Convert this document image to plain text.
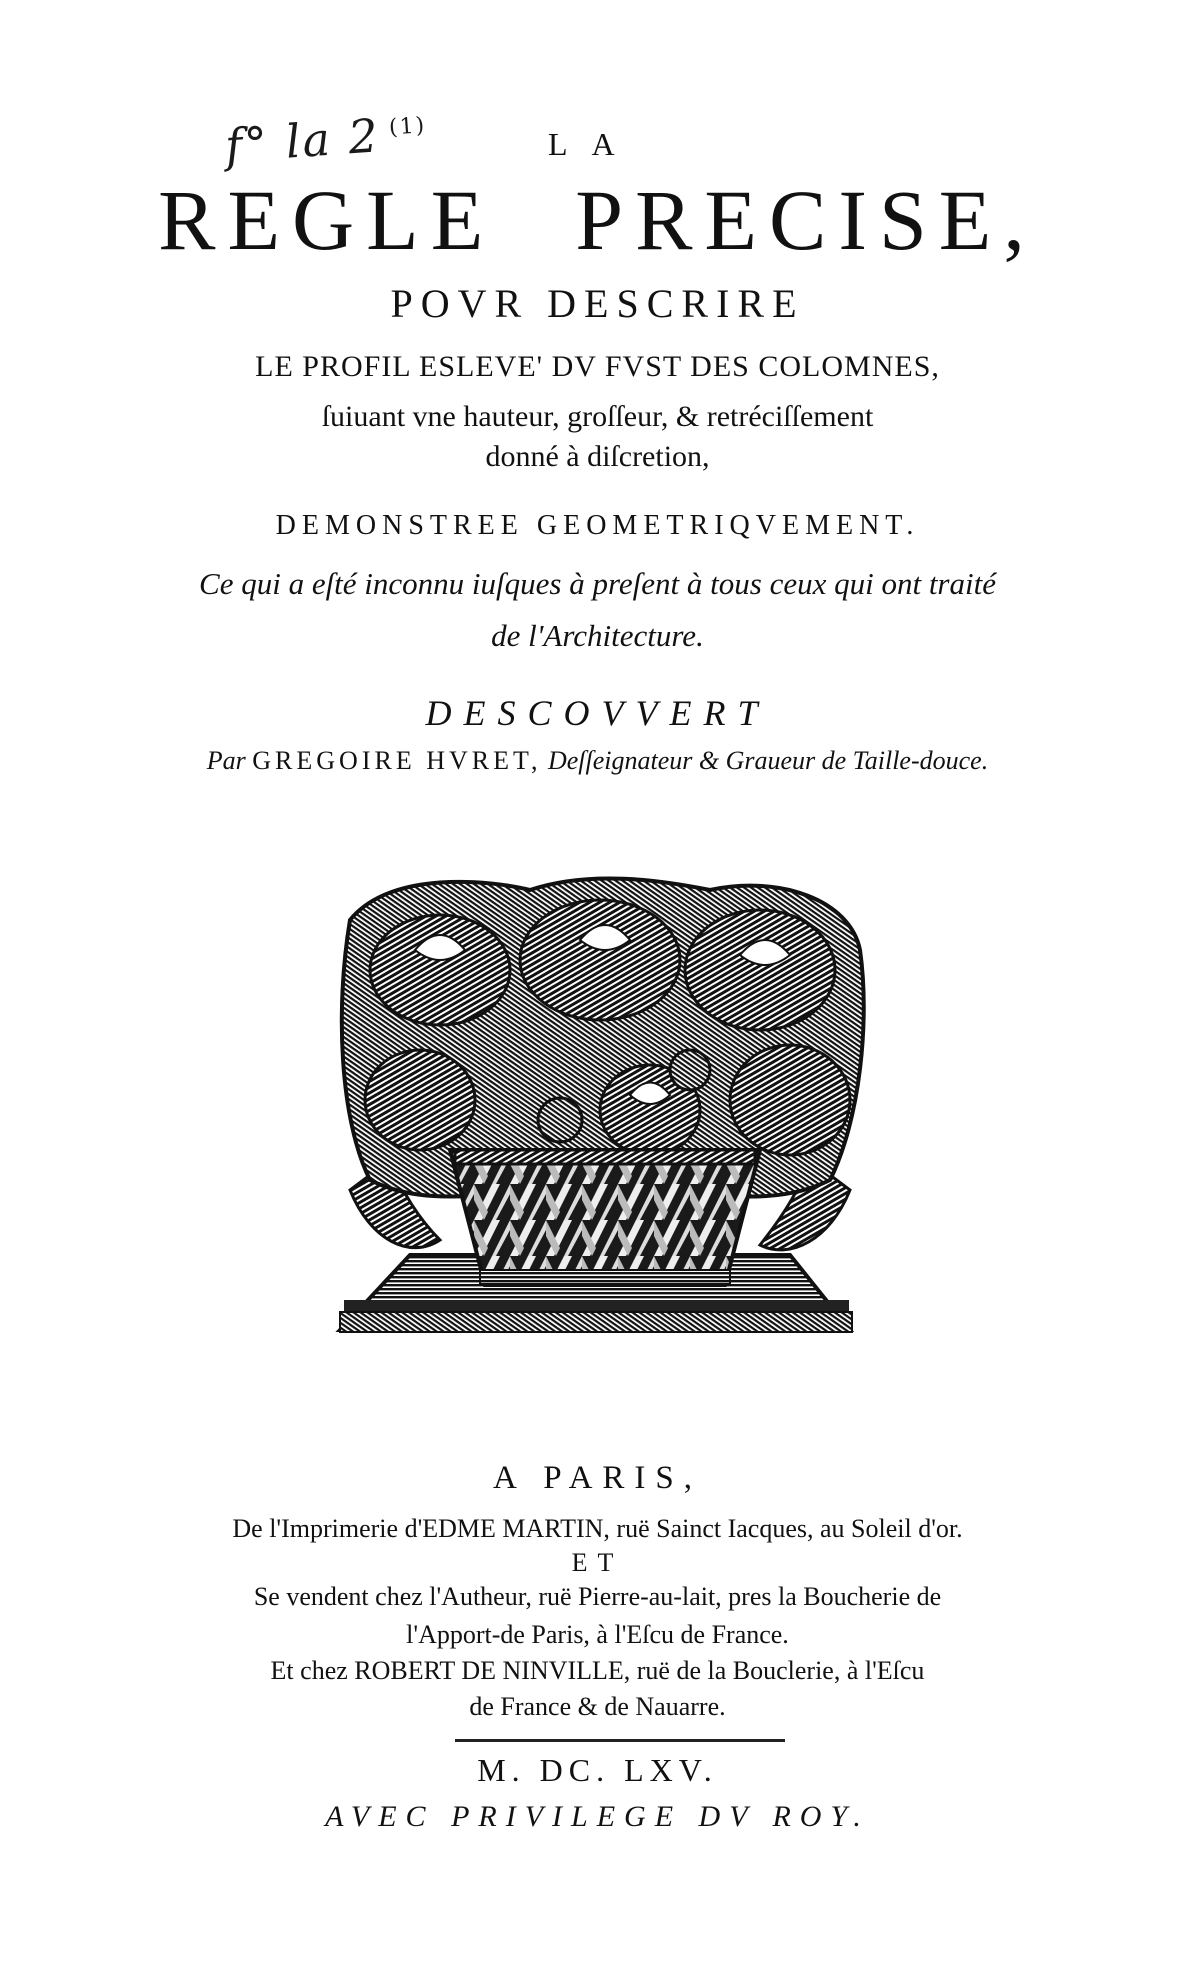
f° la 2 $^{(1)}$	LA
REGLE PRECISE,
POVR DESCRIRE
LE PROFIL ESLEVE' DV FVST DES COLOMNES,
ſuiuant vne hauteur, groſſeur, & retréciſſement
donné à diſcretion,
DEMONSTREE GEOMETRIQVEMENT.
Ce qui a eſté inconnu iuſques à preſent à tous ceux qui ont traité
de l'Architecture.
DESCOVVERT
Par GREGOIRE HVRET, Deſſeignateur & Graueur de Taille-douce.
A PARIS,
De l'Imprimerie d'EDME MARTIN, ruë Sainct Iacques, au Soleil d'or.
ET
Se vendent chez l'Autheur, ruë Pierre-au-lait, pres la Boucherie de
l'Apport-de Paris, à l'Eſcu de France.
Et chez ROBERT DE NINVILLE, ruë de la Bouclerie, à l'Eſcu
de France & de Nauarre.
M. DC. LXV.
AVEC PRIVILEGE DV ROY.
